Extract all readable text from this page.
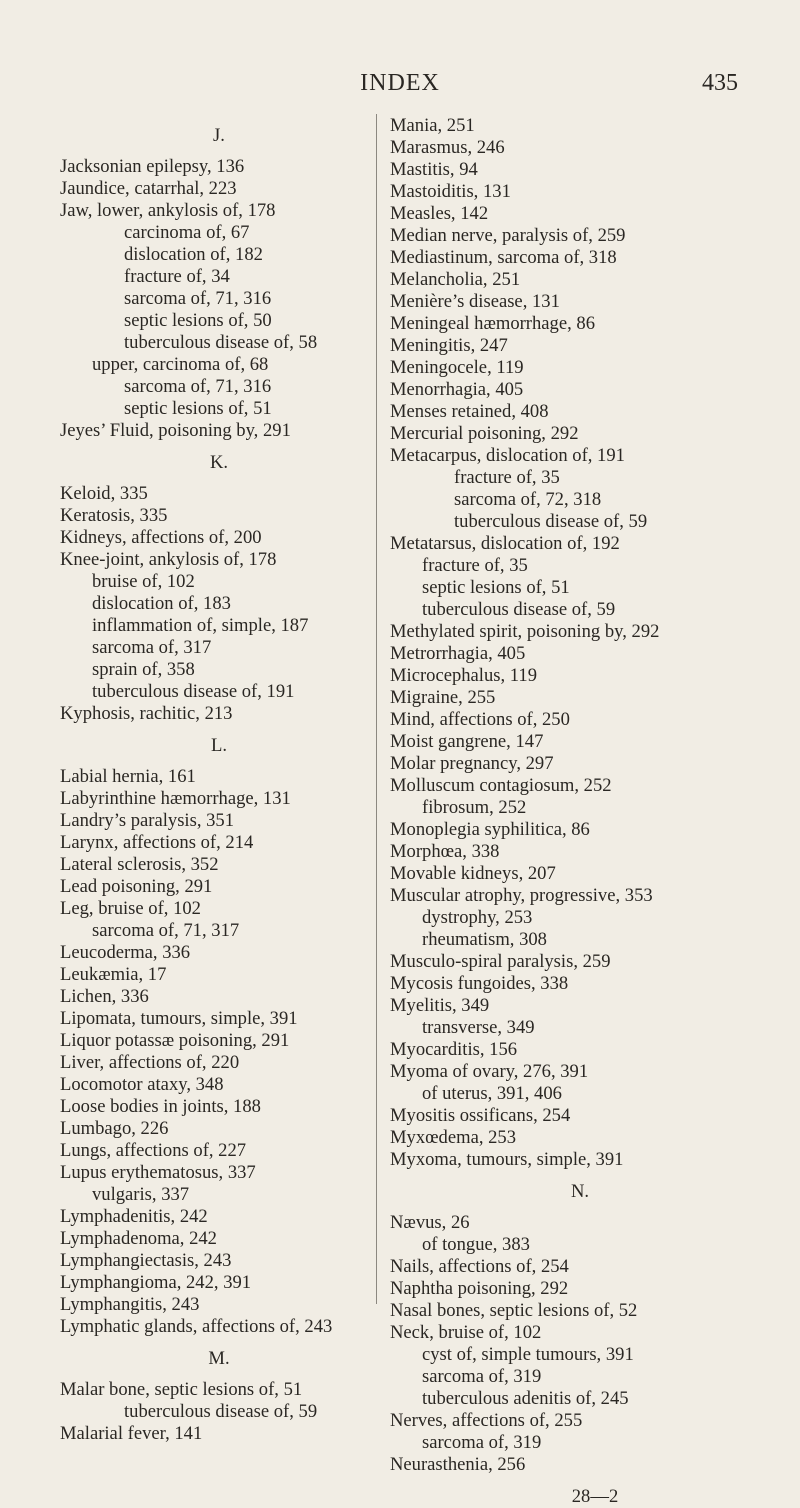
INDEX	435
J.
Jacksonian epilepsy, 136
Jaundice, catarrhal, 223
Jaw, lower, ankylosis of, 178
carcinoma of, 67
dislocation of, 182
fracture of, 34
sarcoma of, 71, 316
septic lesions of, 50
tuberculous disease of, 58
upper, carcinoma of, 68
sarcoma of, 71, 316
septic lesions of, 51
Jeyes’ Fluid, poisoning by, 291
K.
Keloid, 335
Keratosis, 335
Kidneys, affections of, 200
Knee-joint, ankylosis of, 178
bruise of, 102
dislocation of, 183
inflammation of, simple, 187
sarcoma of, 317
sprain of, 358
tuberculous disease of, 191
Kyphosis, rachitic, 213
L.
Labial hernia, 161
Labyrinthine hæmorrhage, 131
Landry’s paralysis, 351
Larynx, affections of, 214
Lateral sclerosis, 352
Lead poisoning, 291
Leg, bruise of, 102
sarcoma of, 71, 317
Leucoderma, 336
Leukæmia, 17
Lichen, 336
Lipomata, tumours, simple, 391
Liquor potassæ poisoning, 291
Liver, affections of, 220
Locomotor ataxy, 348
Loose bodies in joints, 188
Lumbago, 226
Lungs, affections of, 227
Lupus erythematosus, 337
vulgaris, 337
Lymphadenitis, 242
Lymphadenoma, 242
Lymphangiectasis, 243
Lymphangioma, 242, 391
Lymphangitis, 243
Lymphatic glands, affections of, 243
M.
Malar bone, septic lesions of, 51
tuberculous disease of, 59
Malarial fever, 141
Mania, 251
Marasmus, 246
Mastitis, 94
Mastoiditis, 131
Measles, 142
Median nerve, paralysis of, 259
Mediastinum, sarcoma of, 318
Melancholia, 251
Menière’s disease, 131
Meningeal hæmorrhage, 86
Meningitis, 247
Meningocele, 119
Menorrhagia, 405
Menses retained, 408
Mercurial poisoning, 292
Metacarpus, dislocation of, 191
fracture of, 35
sarcoma of, 72, 318
tuberculous disease of, 59
Metatarsus, dislocation of, 192
fracture of, 35
septic lesions of, 51
tuberculous disease of, 59
Methylated spirit, poisoning by, 292
Metrorrhagia, 405
Microcephalus, 119
Migraine, 255
Mind, affections of, 250
Moist gangrene, 147
Molar pregnancy, 297
Molluscum contagiosum, 252
fibrosum, 252
Monoplegia syphilitica, 86
Morphœa, 338
Movable kidneys, 207
Muscular atrophy, progressive, 353
dystrophy, 253
rheumatism, 308
Musculo-spiral paralysis, 259
Mycosis fungoides, 338
Myelitis, 349
transverse, 349
Myocarditis, 156
Myoma of ovary, 276, 391
of uterus, 391, 406
Myositis ossificans, 254
Myxœdema, 253
Myxoma, tumours, simple, 391
N.
Nævus, 26
of tongue, 383
Nails, affections of, 254
Naphtha poisoning, 292
Nasal bones, septic lesions of, 52
Neck, bruise of, 102
cyst of, simple tumours, 391
sarcoma of, 319
tuberculous adenitis of, 245
Nerves, affections of, 255
sarcoma of, 319
Neurasthenia, 256
28—2
